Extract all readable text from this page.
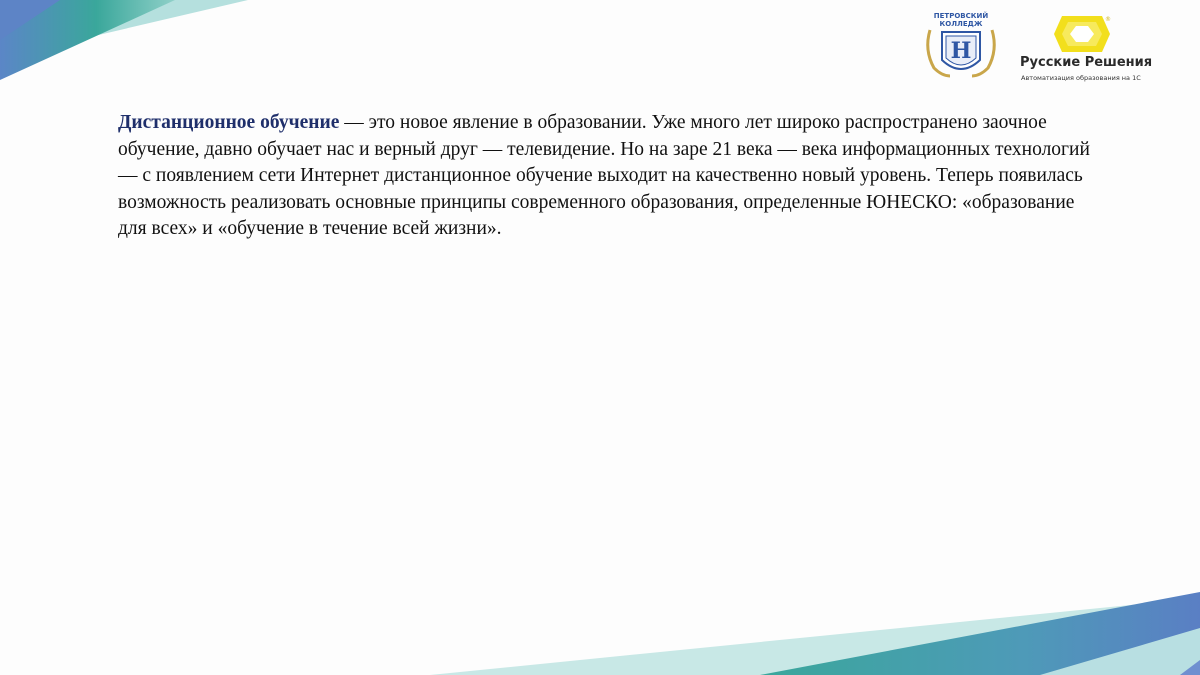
Н
ПЕТРОВСКИЙ
КОЛЛЕДЖ
®
Русские Решения
Автоматизация образования на 1С
Дистанционное обучение — это новое явление в образовании. Уже много лет широко распространено заочное обучение, давно обучает нас и верный друг — телевидение. Но на заре 21 века — века информационных технологий — с появлением сети Интернет дистанционное обучение выходит на качественно новый уровень. Теперь появилась возможность реализовать основные принципы современного образования, определенные ЮНЕСКО: «образование для всех» и «обучение в течение всей жизни».
